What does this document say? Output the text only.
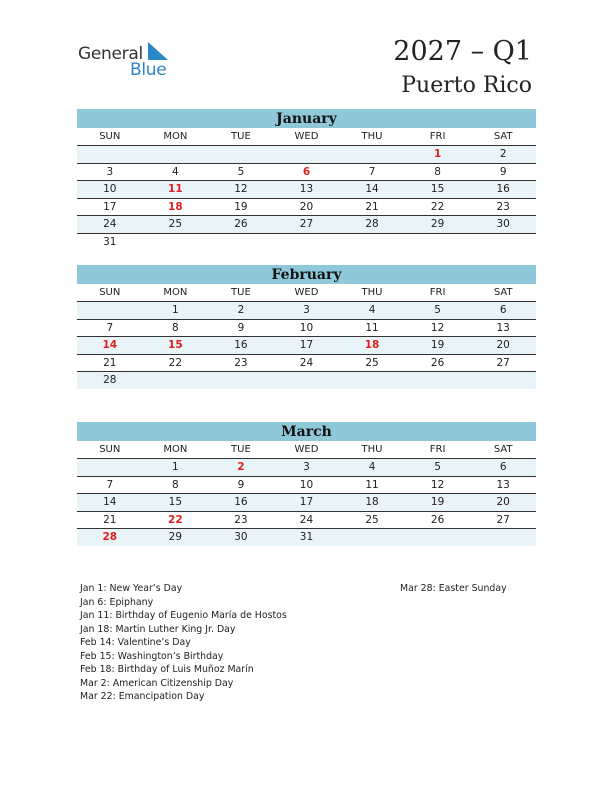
General
Blue
2027 – Q1
Puerto Rico
January
SUN	MON	TUE	WED	THU	FRI	SAT
					1	2
3	4	5	6	7	8	9
10	11	12	13	14	15	16
17	18	19	20	21	22	23
24	25	26	27	28	29	30
31						
February
SUN	MON	TUE	WED	THU	FRI	SAT
	1	2	3	4	5	6
7	8	9	10	11	12	13
14	15	16	17	18	19	20
21	22	23	24	25	26	27
28						
March
SUN	MON	TUE	WED	THU	FRI	SAT
	1	2	3	4	5	6
7	8	9	10	11	12	13
14	15	16	17	18	19	20
21	22	23	24	25	26	27
28	29	30	31			
Jan 1: New Year’s Day
Jan 6: Epiphany
Jan 11: Birthday of Eugenio María de Hostos
Jan 18: Martin Luther King Jr. Day
Feb 14: Valentine’s Day
Feb 15: Washington’s Birthday
Feb 18: Birthday of Luis Muñoz Marín
Mar 2: American Citizenship Day
Mar 22: Emancipation Day
Mar 28: Easter Sunday
